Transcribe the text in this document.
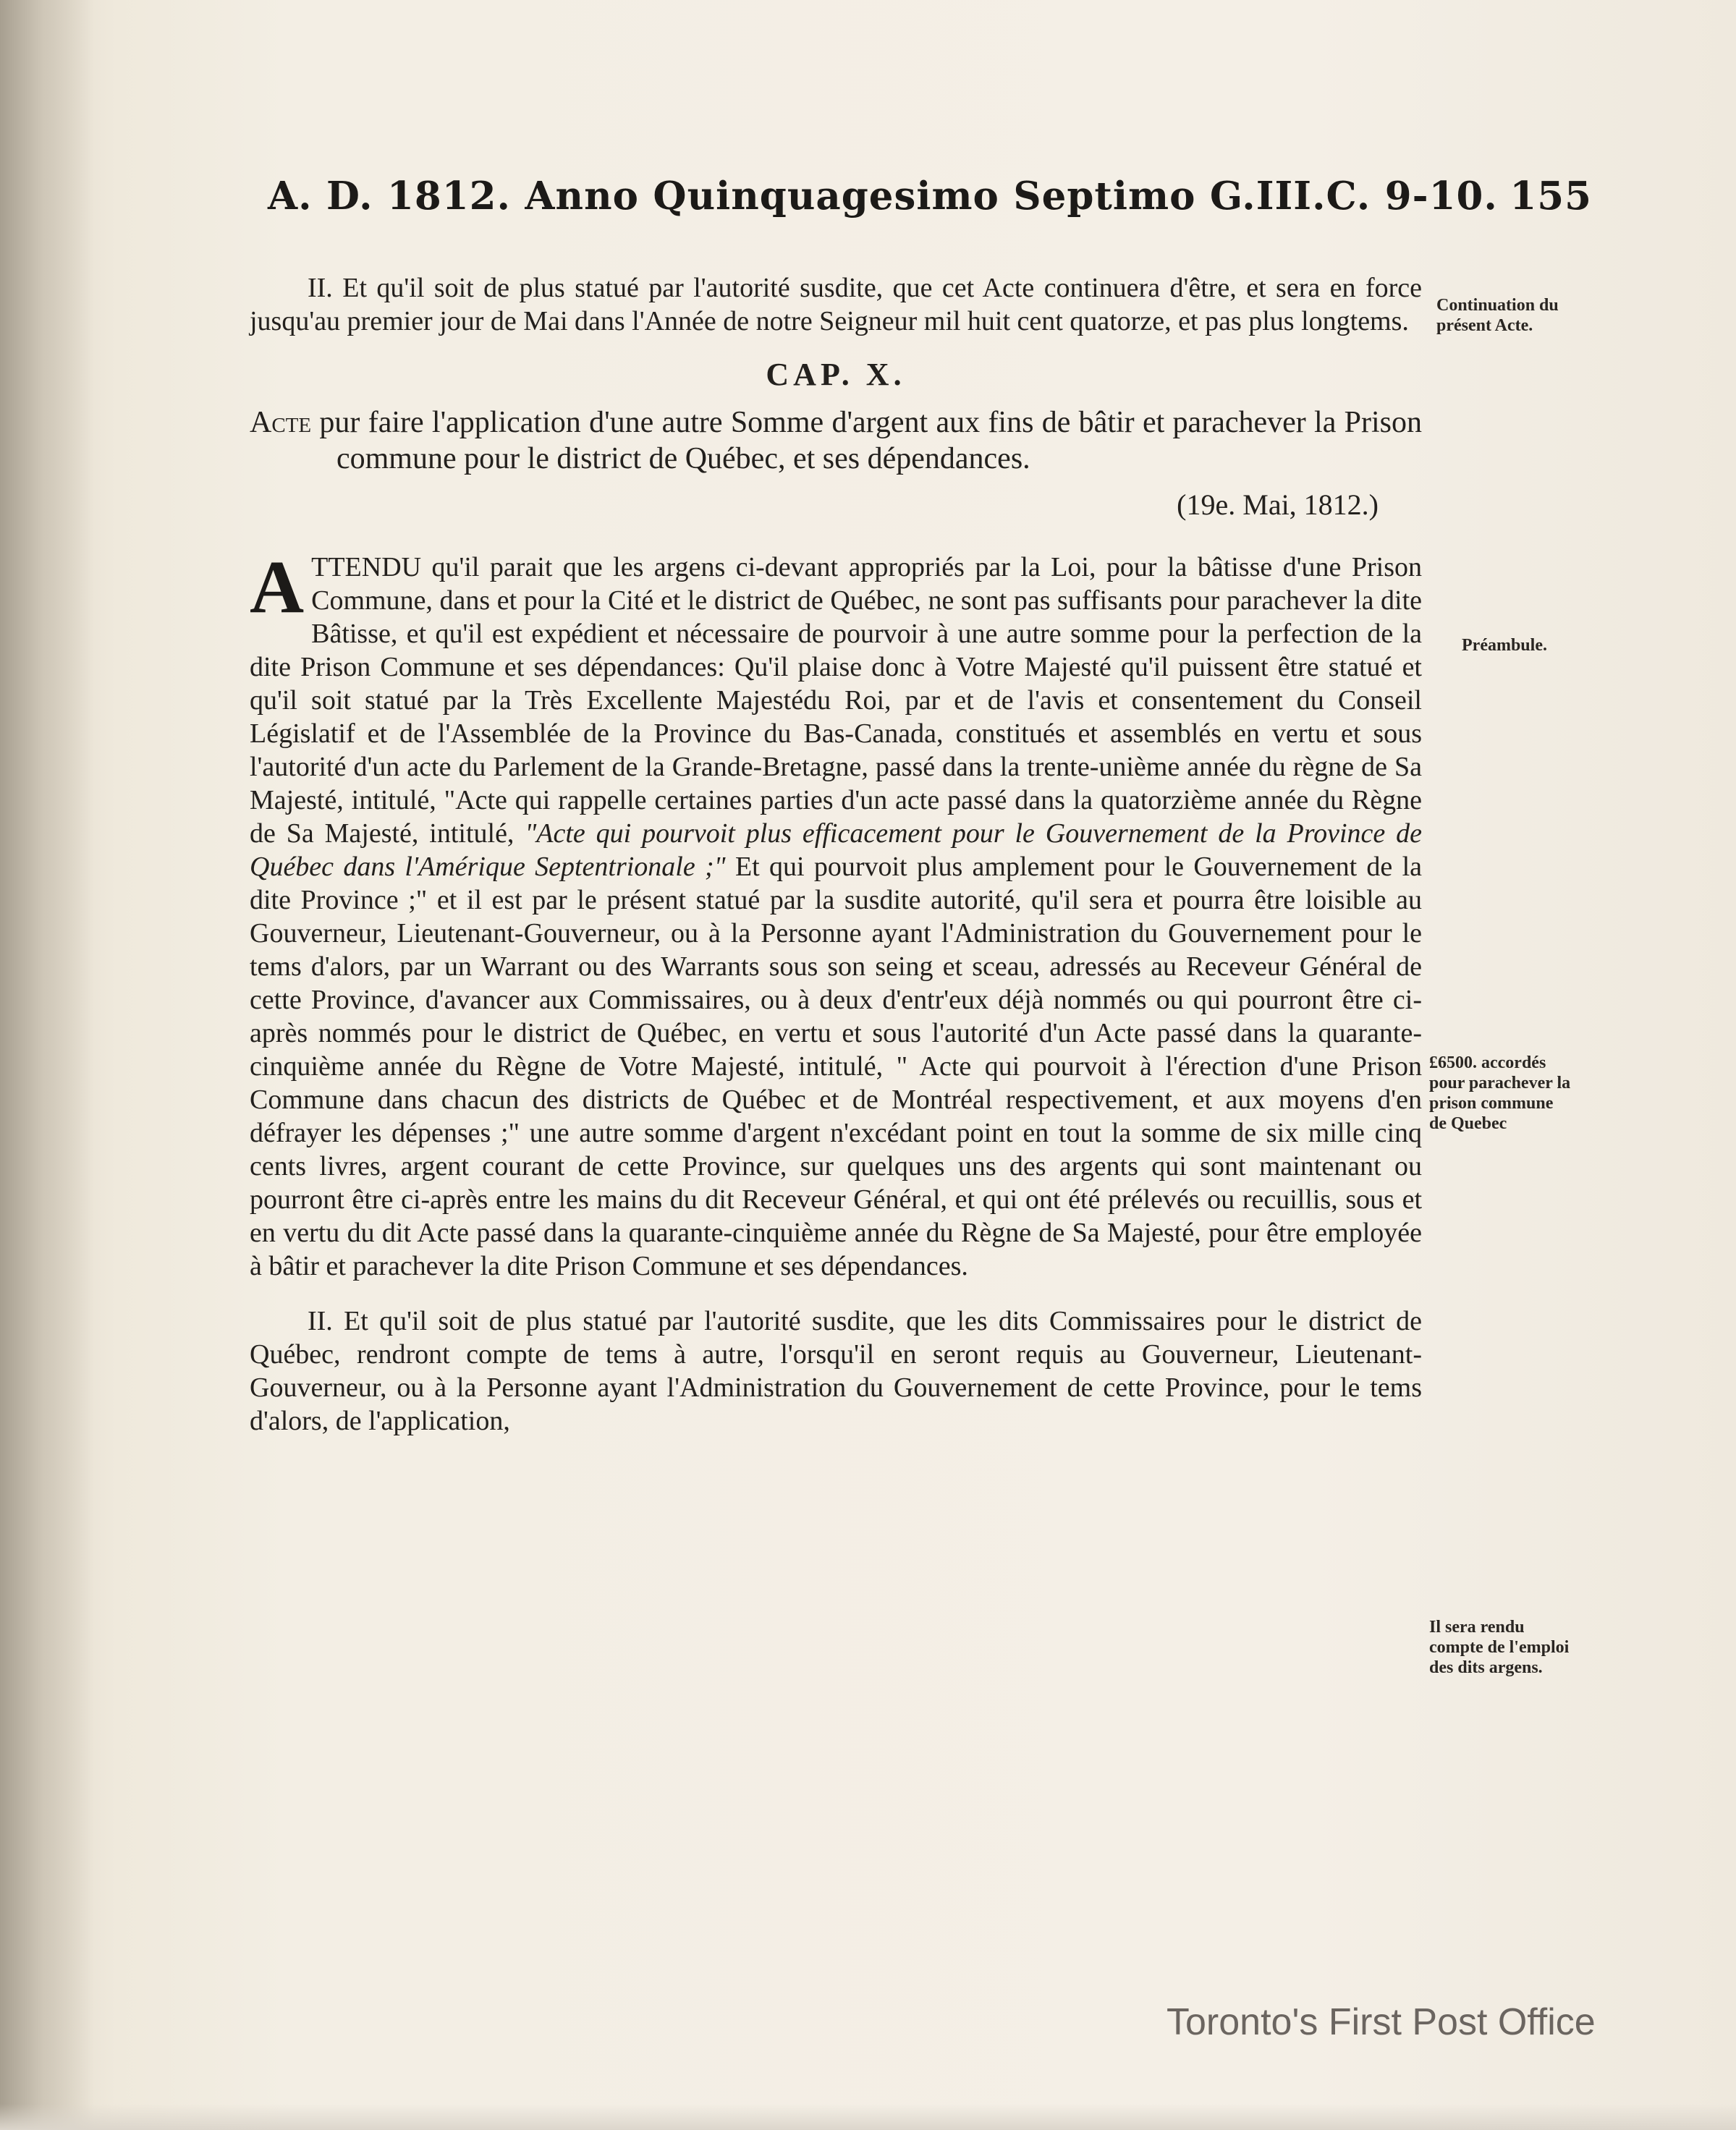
A. D. 1812. Anno Quinquagesimo Septimo G.III.C. 9-10. 155

II. Et qu'il soit de plus statué par l'autorité susdite, que cet Acte continuera d'être, et sera en force jusqu'au premier jour de Mai dans l'Année de notre Seigneur mil huit cent quatorze, et pas plus longtems.

CAP. X.

Acte pur faire l'application d'une autre Somme d'argent aux fins de bâtir et parachever la Prison commune pour le district de Québec, et ses dépendances.

(19e. Mai, 1812.)
A TTENDU qu'il parait que les argens ci-devant appropriés par la Loi, pour la bâtisse d'une Prison Commune, dans et pour la Cité et le district de Québec, ne sont pas suffisants pour parachever la dite Bâtisse, et qu'il est expédient et nécessaire de pourvoir à une autre somme pour la perfection de la dite Prison Commune et ses dépendances: Qu'il plaise donc à Votre Majesté qu'il puissent être statué et qu'il soit statué par la Très Excellente Majestédu Roi, par et de l'avis et consentement du Conseil Législatif et de l'Assemblée de la Province du Bas-Canada, constitués et assemblés en vertu et sous l'autorité d'un acte du Parlement de la Grande-Bretagne, passé dans la trente-unième année du règne de Sa Majesté, intitulé, "Acte qui rappelle certaines parties d'un acte passé dans la quatorzième année du Règne de Sa Majesté, intitulé, "Acte qui pourvoit plus efficacement pour le Gouvernement de la Province de Québec dans l'Amérique Septentrionale ;" Et qui pourvoit plus amplement pour le Gouvernement de la dite Province ;" et il est par le présent statué par la susdite autorité, qu'il sera et pourra être loisible au Gouverneur, Lieutenant-Gouverneur, ou à la Personne ayant l'Administration du Gouvernement pour le tems d'alors, par un Warrant ou des Warrants sous son seing et sceau, adressés au Receveur Général de cette Province, d'avancer aux Commissaires, ou à deux d'entr'eux déjà nommés ou qui pourront être ci-après nommés pour le district de Québec, en vertu et sous l'autorité d'un Acte passé dans la quarante-cinquième année du Règne de Votre Majesté, intitulé, " Acte qui pourvoit à l'érection d'une Prison Commune dans chacun des districts de Québec et de Montréal respectivement, et aux moyens d'en défrayer les dépenses ;" une autre somme d'argent n'excédant point en tout la somme de six mille cinq cents livres, argent courant de cette Province, sur quelques uns des argents qui sont maintenant ou pourront être ci-après entre les mains du dit Receveur Général, et qui ont été prélevés ou recuillis, sous et en vertu du dit Acte passé dans la quarante-cinquième année du Règne de Sa Majesté, pour être employée à bâtir et parachever la dite Prison Commune et ses dépendances.

II. Et qu'il soit de plus statué par l'autorité susdite, que les dits Commissaires pour le district de Québec, rendront compte de tems à autre, l'orsqu'il en seront requis au Gouverneur, Lieutenant-Gouverneur, ou à la Personne ayant l'Administration du Gouvernement de cette Province, pour le tems d'alors, de l'application,

Continuation du présent Acte.
Préambule.
£6500. accordés pour parachever la prison commune de Quebec
Il sera rendu compte de l'emploi des dits argens.
Toronto's First Post Office
